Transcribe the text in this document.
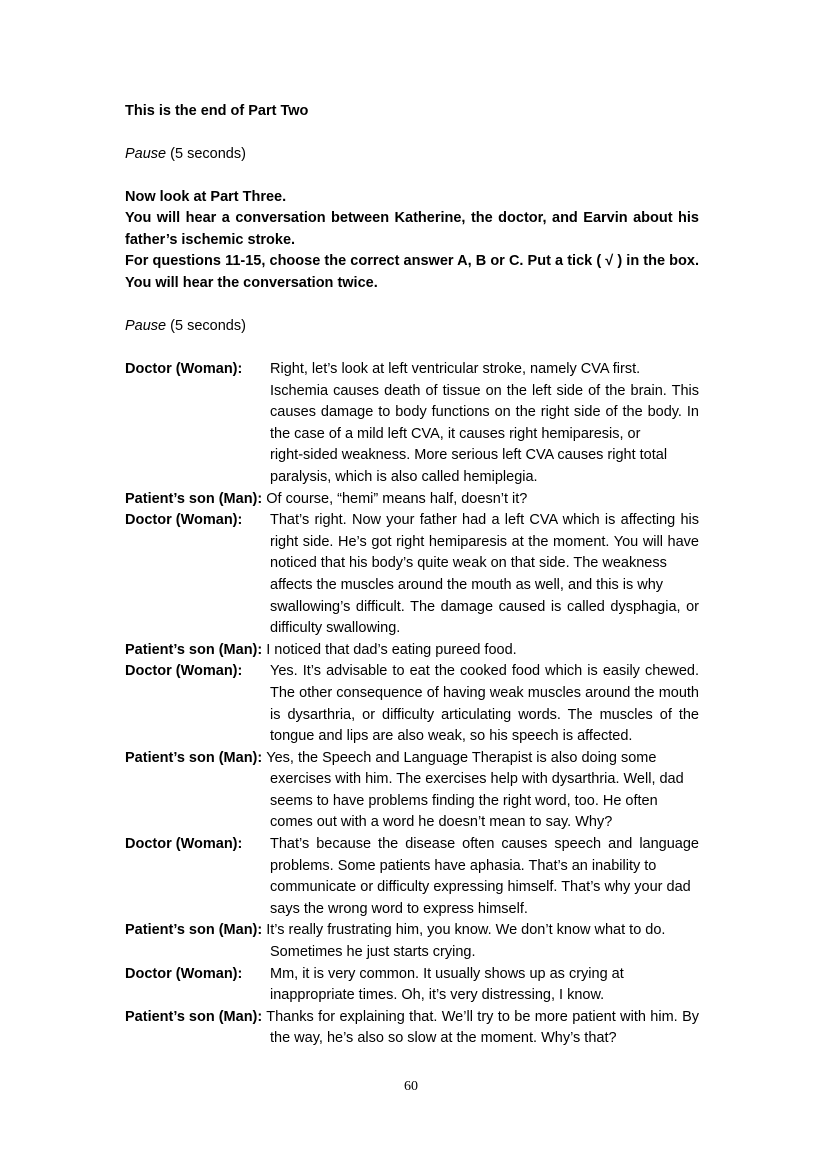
This is the end of Part Two
Pause (5 seconds)
Now look at Part Three.
You will hear a conversation between Katherine, the doctor, and Earvin about his
father’s ischemic stroke.
For questions 11-15, choose the correct answer A, B or C. Put a tick ( √ ) in the box.
You will hear the conversation twice.
Pause (5 seconds)
Doctor (Woman): Right, let’s look at left ventricular stroke, namely CVA first.
Ischemia causes death of tissue on the left side of the brain. This
causes damage to body functions on the right side of the body. In
the case of a mild left CVA, it causes right hemiparesis, or
right-sided weakness. More serious left CVA causes right total
paralysis, which is also called hemiplegia.
Patient’s son (Man): Of course, “hemi” means half, doesn’t it?
Doctor (Woman): That’s right. Now your father had a left CVA which is affecting his
right side. He’s got right hemiparesis at the moment. You will have
noticed that his body’s quite weak on that side. The weakness
affects the muscles around the mouth as well, and this is why
swallowing’s difficult. The damage caused is called dysphagia, or
difficulty swallowing.
Patient’s son (Man): I noticed that dad’s eating pureed food.
Doctor (Woman): Yes. It’s advisable to eat the cooked food which is easily chewed.
The other consequence of having weak muscles around the mouth
is dysarthria, or difficulty articulating words. The muscles of the
tongue and lips are also weak, so his speech is affected.
Patient’s son (Man): Yes, the Speech and Language Therapist is also doing some
exercises with him. The exercises help with dysarthria. Well, dad
seems to have problems finding the right word, too. He often
comes out with a word he doesn’t mean to say. Why?
Doctor (Woman): That’s because the disease often causes speech and language
problems. Some patients have aphasia. That’s an inability to
communicate or difficulty expressing himself. That’s why your dad
says the wrong word to express himself.
Patient’s son (Man): It’s really frustrating him, you know. We don’t know what to do.
Sometimes he just starts crying.
Doctor (Woman): Mm, it is very common. It usually shows up as crying at
inappropriate times. Oh, it’s very distressing, I know.
Patient’s son (Man): Thanks for explaining that. We’ll try to be more patient with him. By
the way, he’s also so slow at the moment. Why’s that?
60
